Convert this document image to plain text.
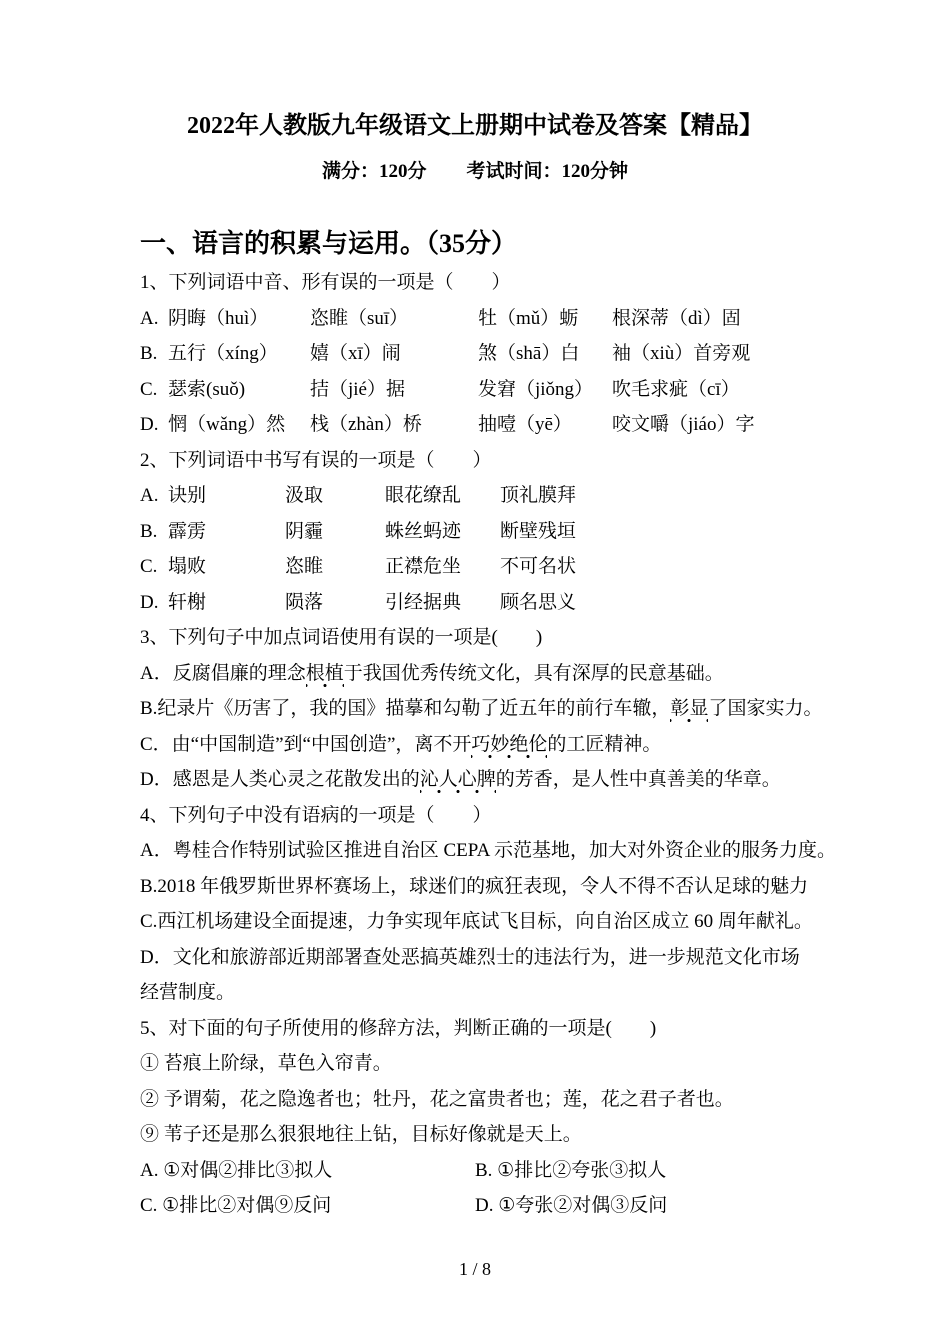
2022年人教版九年级语文上册期中试卷及答案【精品】
满分：120分 考试时间：120分钟
一、语言的积累与运用。（35分）

1、下列词语中音、形有误的一项是（　　）

A. 阴晦（huì）	恣睢（suī）	牡（mǔ）蛎	根深蒂（dì）固
B. 五行（xíng）	嬉（xī）闹	煞（shā）白	袖（xiù）首旁观
C. 瑟索(suǒ)	拮（jié）据	发窘（jiǒng） 吹毛求疵（cī）
D. 惘（wǎng）然	栈（zhàn）桥	抽噎（yē）	咬文嚼（jiáo）字

2、下列词语中书写有误的一项是（　　）

A. 诀别	汲取	眼花缭乱	顶礼膜拜
B. 霹雳	阴霾	蛛丝蚂迹	断壁残垣
C. 塌败	恣睢	正襟危坐	不可名状
D. 轩榭	陨落	引经据典	顾名思义

3、下列句子中加点词语使用有误的一项是(　　)

A．反腐倡廉的理念根植于我国优秀传统文化，具有深厚的民意基础。

B.纪录片《历害了，我的国》描摹和勾勒了近五年的前行车辙，彰显了国家实力。

C．由“中国制造”到“中国创造”，离不开巧妙绝伦的工匠精神。

D．感恩是人类心灵之花散发出的沁人心脾的芳香，是人性中真善美的华章。

4、下列句子中没有语病的一项是（　　）

A．粤桂合作特别试验区推进自治区 CEPA 示范基地，加大对外资企业的服务力度。

B.2018 年俄罗斯世界杯赛场上，球迷们的疯狂表现，令人不得不否认足球的魅力

C.西江机场建设全面提速，力争实现年底试飞目标，向自治区成立 60 周年献礼。

D．文化和旅游部近期部署查处恶搞英雄烈士的违法行为，进一步规范文化市场

经营制度。

5、对下面的句子所使用的修辞方法，判断正确的一项是(　　)

① 苔痕上阶绿，草色入帘青。

② 予谓菊，花之隐逸者也；牡丹，花之富贵者也；莲，花之君子者也。

⑨ 苇子还是那么狠狠地往上钻，目标好像就是天上。

A. ①对偶②排比③拟人	B. ①排比②夸张③拟人
C. ①排比②对偶⑨反问	D. ①夸张②对偶③反问
1 / 8
